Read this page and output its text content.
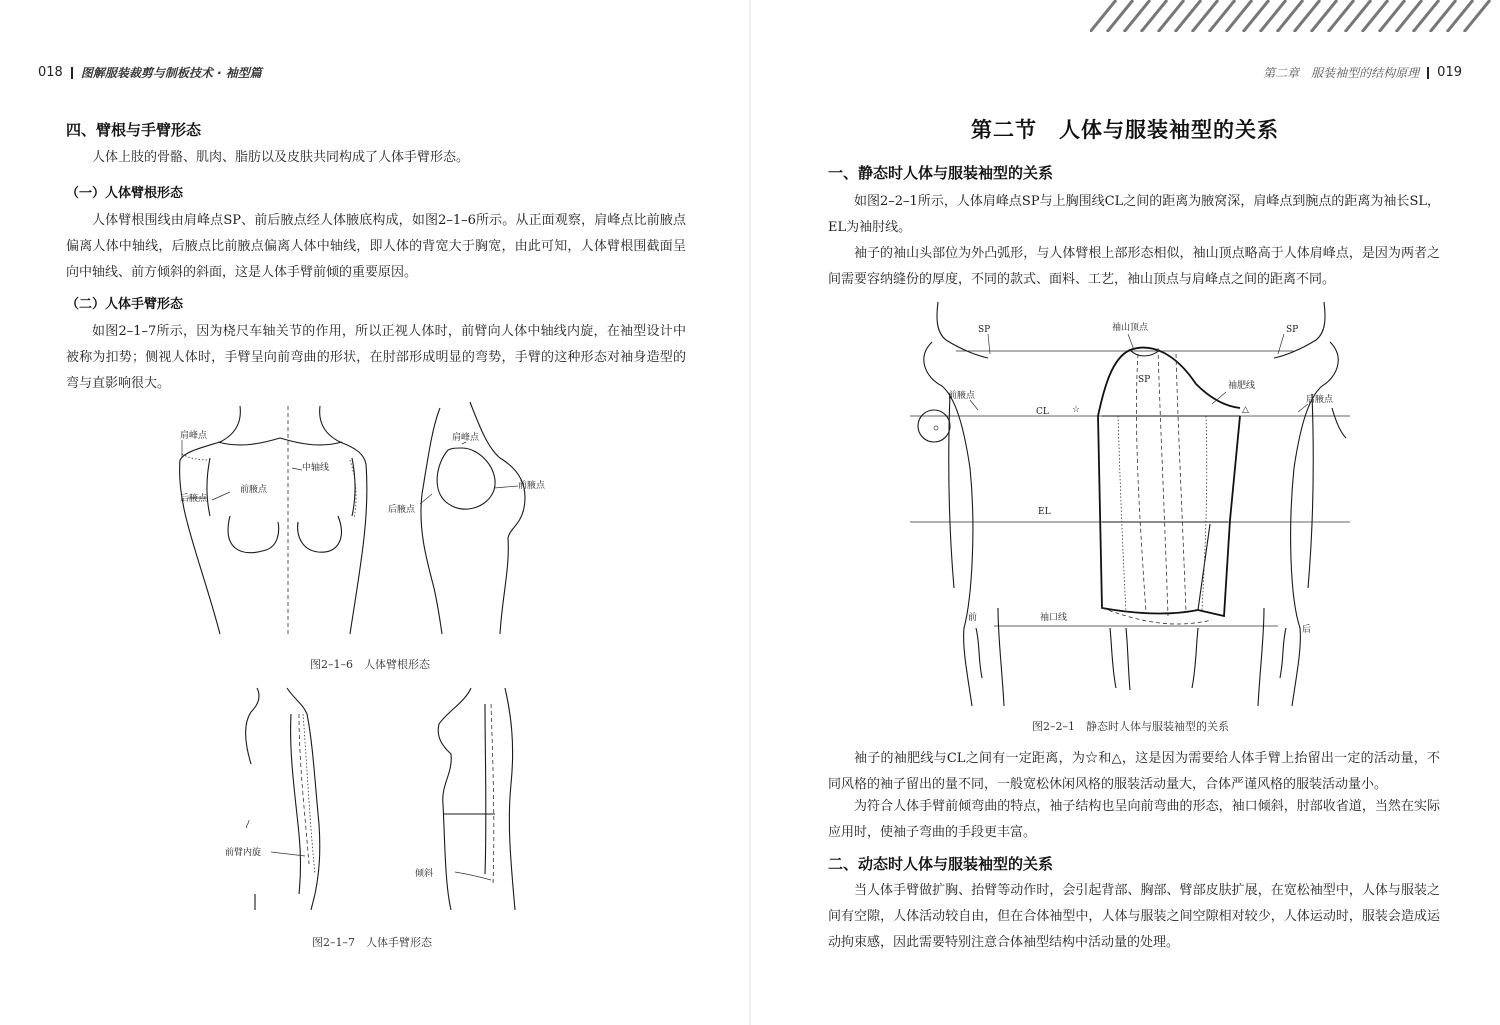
018 图解服装裁剪与制板技术 · 袖型篇
四、臂根与手臂形态
人体上肢的骨骼、肌肉、脂肪以及皮肤共同构成了人体手臂形态。
（一）人体臂根形态
人体臂根围线由肩峰点SP、前后腋点经人体腋底构成，如图2–1–6所示。从正面观察，肩峰点比前腋点偏离人体中轴线，后腋点比前腋点偏离人体中轴线，即人体的背宽大于胸宽，由此可知，人体臂根围截面呈向中轴线、前方倾斜的斜面，这是人体手臂前倾的重要原因。
（二）人体手臂形态
如图2–1–7所示，因为桡尺车轴关节的作用，所以正视人体时，前臂向人体中轴线内旋，在袖型设计中被称为扣势；侧视人体时，手臂呈向前弯曲的形状，在肘部形成明显的弯势，手臂的这种形态对袖身造型的弯与直影响很大。
肩峰点
中轴线
前腋点
后腋点
肩峰点
前腋点
后腋点
图2–1–6　人体臂根形态
前臂内旋
倾斜
图2–1–7　人体手臂形态
第二章　服装袖型的结构原理 019
第二节　人体与服装袖型的关系
一、静态时人体与服装袖型的关系
如图2–2–1所示，人体肩峰点SP与上胸围线CL之间的距离为腋窝深，肩峰点到腕点的距离为袖长SL，EL为袖肘线。
袖子的袖山头部位为外凸弧形，与人体臂根上部形态相似，袖山顶点略高于人体肩峰点，是因为两者之间需要容纳缝份的厚度，不同的款式、面料、工艺，袖山顶点与肩峰点之间的距离不同。
SP	SP
袖山顶点
SP
袖肥线
前腋点	后腋点
CL	☆	△
EL
前	袖口线
后
图2–2–1　静态时人体与服装袖型的关系
袖子的袖肥线与CL之间有一定距离，为☆和△，这是因为需要给人体手臂上抬留出一定的活动量，不同风格的袖子留出的量不同，一般宽松休闲风格的服装活动量大，合体严谨风格的服装活动量小。
为符合人体手臂前倾弯曲的特点，袖子结构也呈向前弯曲的形态，袖口倾斜，肘部收省道，当然在实际应用时，使袖子弯曲的手段更丰富。
二、动态时人体与服装袖型的关系
当人体手臂做扩胸、抬臂等动作时，会引起背部、胸部、臂部皮肤扩展，在宽松袖型中，人体与服装之间有空隙，人体活动较自由，但在合体袖型中，人体与服装之间空隙相对较少，人体运动时，服装会造成运动拘束感，因此需要特别注意合体袖型结构中活动量的处理。
